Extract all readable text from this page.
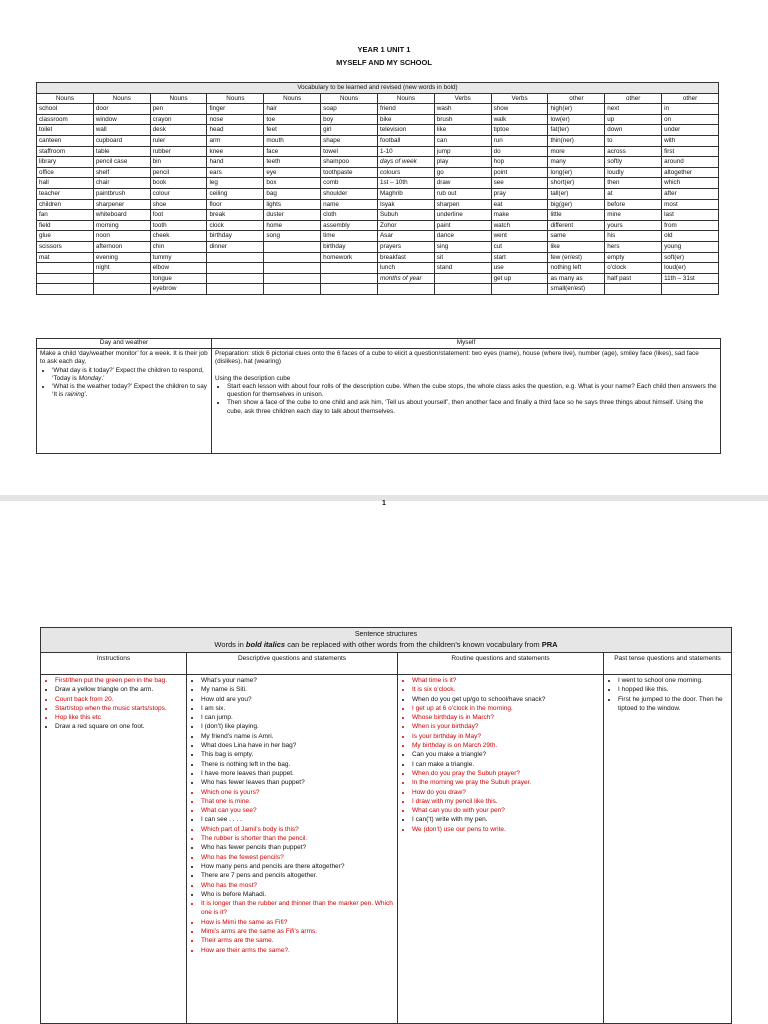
YEAR 1 UNIT 1
MYSELF AND MY SCHOOL
Vocabulary to be learned and revised (new words in bold)											
Nouns	Nouns	Nouns	Nouns	Nouns	Nouns	Nouns	Verbs	Verbs	other	other	other
school	door	pen	finger	hair	soap	friend	wash	show	high(er)	next	in
classroom	window	crayon	nose	toe	boy	bike	brush	walk	low(er)	up	on
toilet	wall	desk	head	feet	girl	television	like	tiptoe	fat(ter)	down	under
canteen	cupboard	ruler	arm	mouth	shape	football	can	run	thin(ner)	to	with
staffroom	table	rubber	knee	face	towel	1-10	jump	do	more	across	first
library	pencil case	bin	hand	teeth	shampoo	days of week	play	hop	many	softly	around
office	shelf	pencil	ears	eye	toothpaste	colours	go	point	long(er)	loudly	altogether
hall	chair	book	leg	box	comb	1st – 10th	draw	see	short(er)	then	which
teacher	paintbrush	colour	ceiling	bag	shoulder	Maghrib	rub out	pray	tall(er)	at	after
children	sharpener	shoe	floor	lights	name	Isyak	sharpen	eat	big(ger)	before	most
fan	whiteboard	foot	break	duster	cloth	Subuh	underline	make	little	mine	last
field	morning	tooth	clock	home	assembly	Zohor	paint	watch	different	yours	from
glue	noon	cheek	birthday	song	time	Asar	dance	went	same	his	old
scissors	afternoon	chin	dinner		birthday	prayers	sing	cut	like	hers	young
mat	evening	tummy			homework	breakfast	sit	start	few (er/est)	empty	soft(er)
	night	elbow				lunch	stand	use	nothing left	o'clock	loud(er)
		tongue				months of year		get up	as many as	half past	11th – 31st
		eyebrow							small(er/est)		
Day and weather
Make a child ‘day/weather monitor’ for a week. It is their job to ask each day,
• ‘What day is it today?’ Expect the children to respond, ‘Today is Monday.’
• ‘What is the weather today?’ Expect the children to say ‘It is raining’.
Myself
Preparation: stick 6 pictorial clues onto the 6 faces of a cube to elicit a question/statement: two eyes (name), house (where live), number (age), smiley face (likes), sad face (dislikes), hat (wearing)
Using the description cube
• Start each lesson with about four rolls of the description cube. When the cube stops, the whole class asks the question, e.g. What is your name? Each child then answers the question for themselves in unison.
• Then show a face of the cube to one child and ask him, ‘Tell us about yourself’, then another face and finally a third face so he says three things about himself. Using the cube, ask three children each day to talk about themselves.
1
Sentence structures
Words in bold italics can be replaced with other words from the children’s known vocabulary from PRA
Instructions
• First/then put the green pen in the bag.
• Draw a yellow triangle on the arm.
• Count back from 20.
• Start/stop when the music starts/stops.
• Hop like this etc
• Draw a red square on one foot.
Descriptive questions and statements
• What’s your name?
• My name is Siti.
• How old are you?
• I am six.
• I can jump.
• I (don’t) like playing.
• My friend’s name is Amri.
• What does Lina have in her bag?
• This bag is empty.
• There is nothing left in the bag.
• I have more leaves than puppet.
• Who has fewer leaves than puppet?
• Which one is yours?
• That one is mine.
• What can you see?
• I can see . . . .
• Which part of Jamil’s body is this?
• The rubber is shorter than the pencil.
• Who has fewer pencils than puppet?
• Who has the fewest pencils?
• How many pens and pencils are there altogether?
• There are 7 pens and pencils altogether.
• Who has the most?
• Who is before Mahadi.
• It is longer than the rubber and thinner than the marker pen. Which one is it?
• How is Mimi the same as Fifi?
• Mimi’s arms are the same as Fifi’s arms.
• Their arms are the same.
• How are their arms the same?.
Routine questions and statements
• What time is it?
• It is six o’clock.
• When do you get up/go to school/have snack?
• I get up at 6 o’clock in the morning.
• Whose birthday is in March?
• When is your birthday?
• Is your birthday in May?
• My birthday is on March 29th.
• Can you make a triangle?
• I can make a triangle.
• When do you pray the Subuh prayer?
• In the morning we pray the Subuh prayer.
• How do you draw?
• I draw with my pencil like this.
• What can you do with your pen?
• I can(’t) write with my pen.
• We (don’t) use our pens to write.
Past tense questions and statements
• I went to school one morning.
• I hopped like this.
• First he jumped to the door. Then he tiptoed to the window.
